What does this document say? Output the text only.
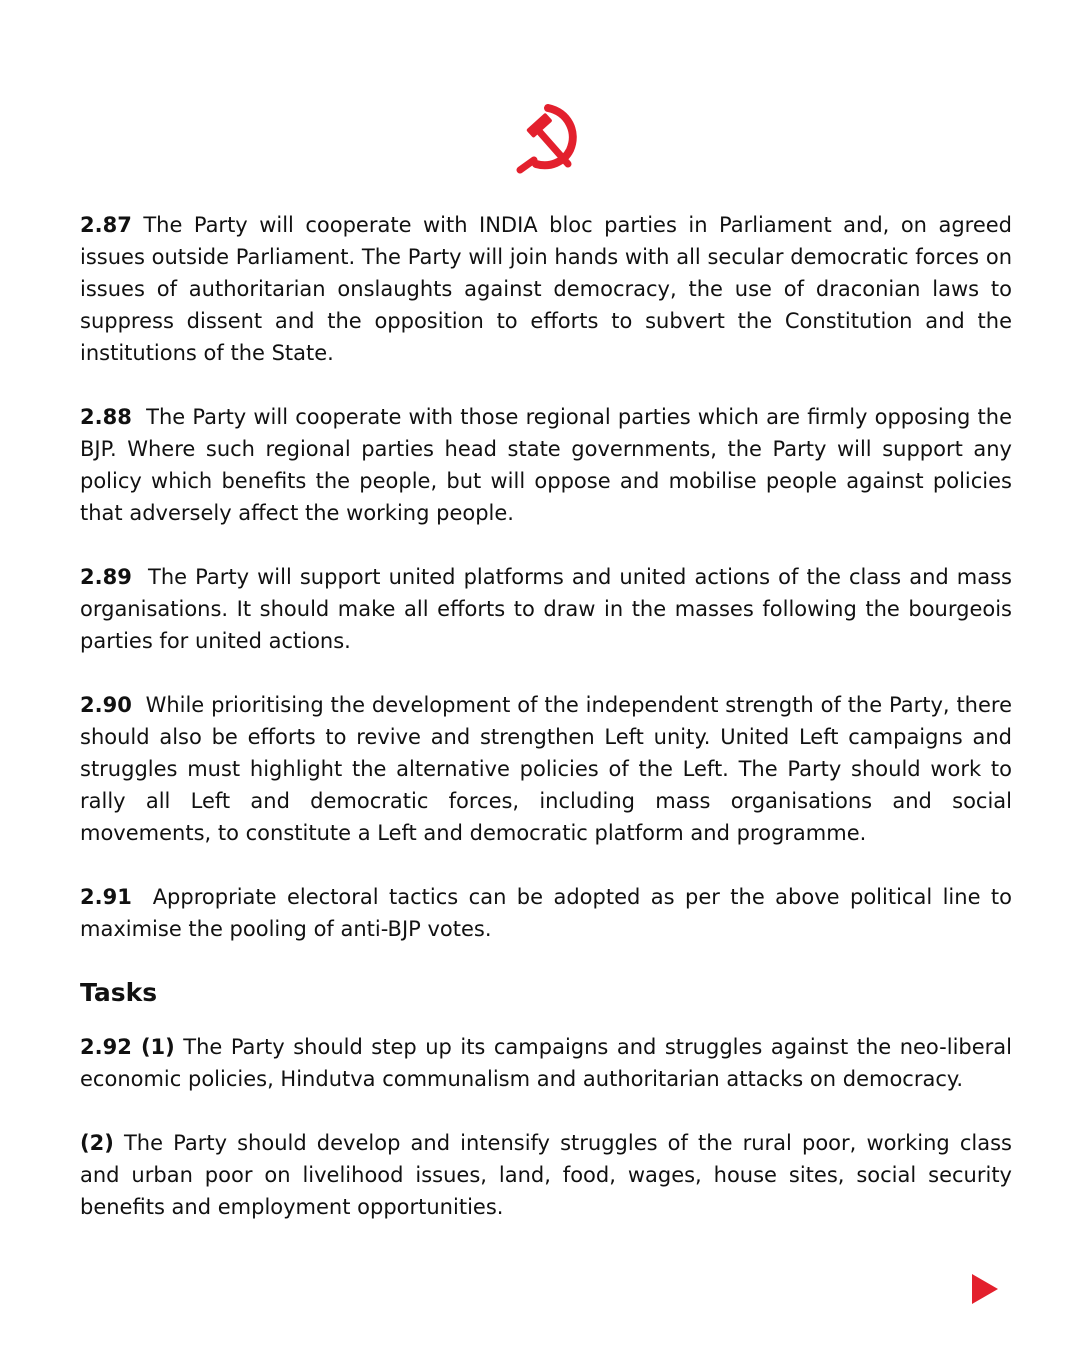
2.87 The Party will cooperate with INDIA bloc parties in Parliament and, on agreed issues outside Parliament. The Party will join hands with all secular democratic forces on issues of authoritarian onslaughts against democracy, the use of draconian laws to suppress dissent and the opposition to efforts to subvert the Constitution and the institutions of the State.

2.88 The Party will cooperate with those regional parties which are firmly opposing the BJP. Where such regional parties head state governments, the Party will support any policy which benefits the people, but will oppose and mobilise people against policies that adversely affect the working people.

2.89 The Party will support united platforms and united actions of the class and mass organisations. It should make all efforts to draw in the masses following the bourgeois parties for united actions.

2.90 While prioritising the development of the independent strength of the Party, there should also be efforts to revive and strengthen Left unity. United Left campaigns and struggles must highlight the alternative policies of the Left. The Party should work to rally all Left and democratic forces, including mass organisations and social movements, to constitute a Left and democratic platform and programme.

2.91 Appropriate electoral tactics can be adopted as per the above political line to maximise the pooling of anti-BJP votes.

Tasks

2.92 (1) The Party should step up its campaigns and struggles against the neo-liberal economic policies, Hindutva communalism and authoritarian attacks on democracy.

(2) The Party should develop and intensify struggles of the rural poor, working class and urban poor on livelihood issues, land, food, wages, house sites, social security benefits and employment opportunities.
